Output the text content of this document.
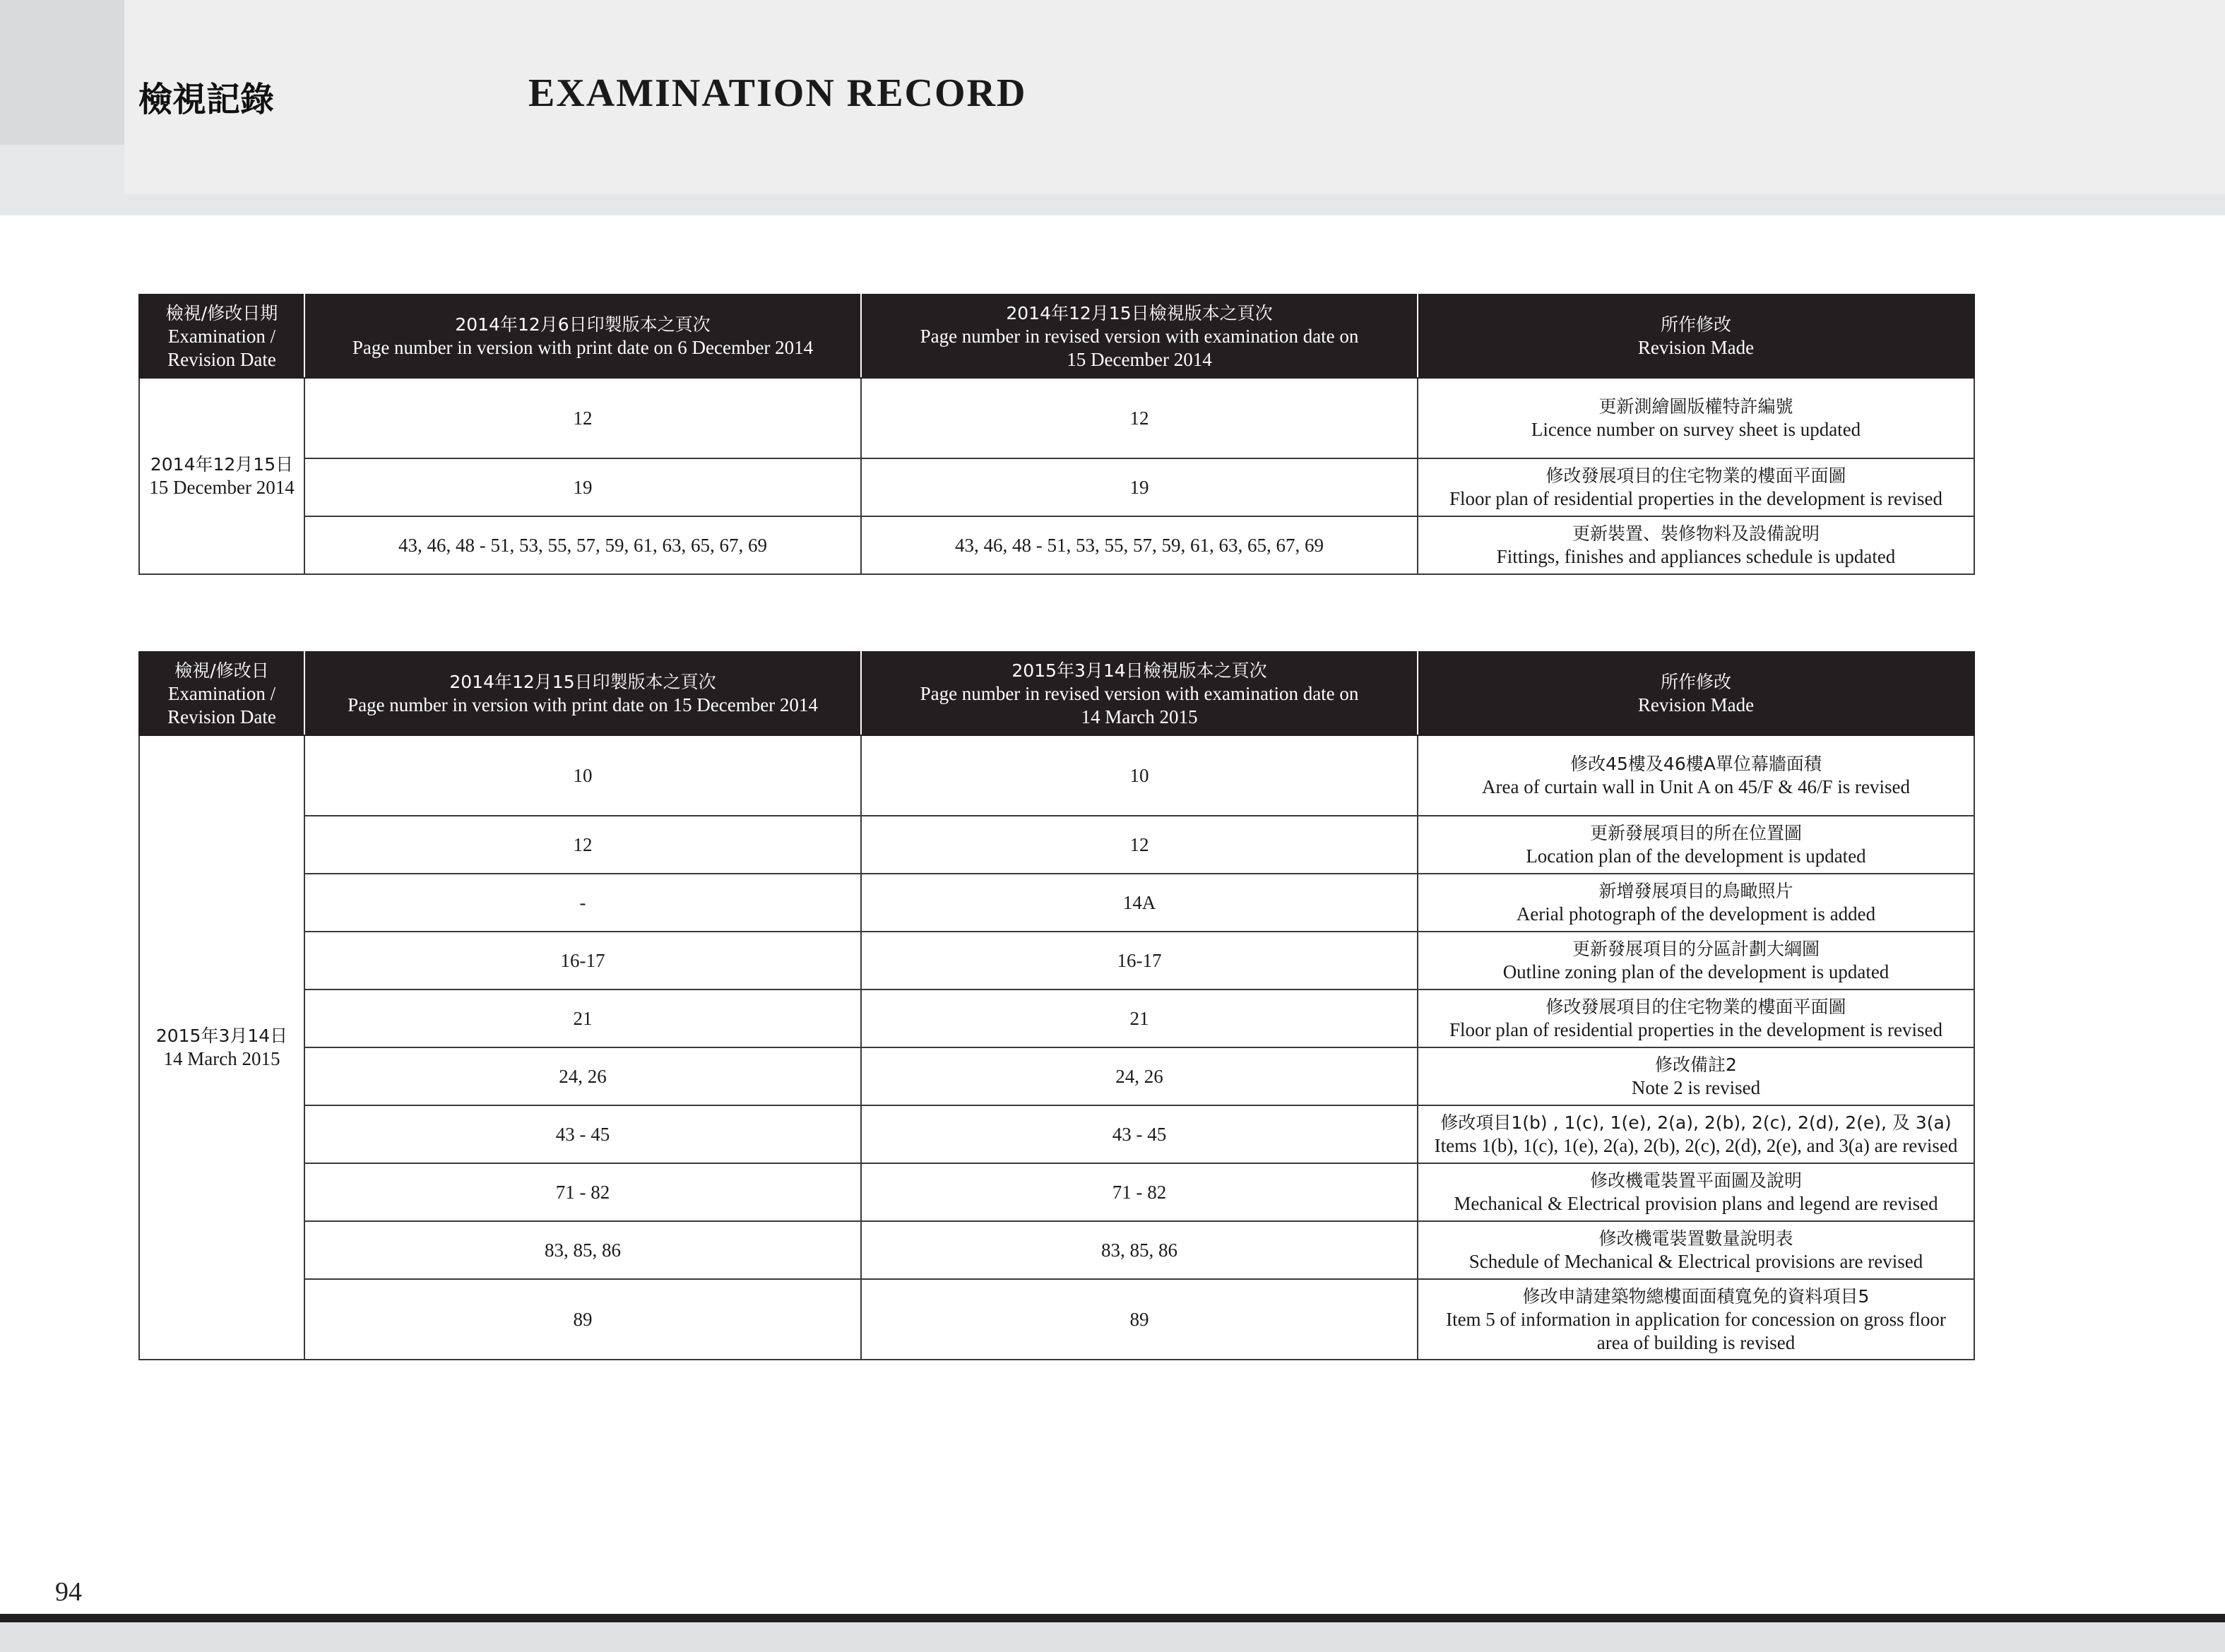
檢視記錄	EXAMINATION RECORD
檢視/修改日期
Examination /
Revision Date	2014年12月6日印製版本之頁次
Page number in version with print date on 6 December 2014	2014年12月15日檢視版本之頁次
Page number in revised version with examination date on
15 December 2014	所作修改
Revision Made

2014年12月15日
15 December 2014	12	12	更新測繪圖版權特許編號
Licence number on survey sheet is updated

	19	19	修改發展項目的住宅物業的樓面平面圖
Floor plan of residential properties in the development is revised

	43, 46, 48 - 51, 53, 55, 57, 59, 61, 63, 65, 67, 69	43, 46, 48 - 51, 53, 55, 57, 59, 61, 63, 65, 67, 69	更新裝置、裝修物料及設備說明
Fittings, finishes and appliances schedule is updated
檢視/修改日
Examination /
Revision Date	2014年12月15日印製版本之頁次
Page number in version with print date on 15 December 2014	2015年3月14日檢視版本之頁次
Page number in revised version with examination date on
14 March 2015	所作修改
Revision Made

2015年3月14日
14 March 2015	10	10	修改45樓及46樓A單位幕牆面積
Area of curtain wall in Unit A on 45/F & 46/F is revised

	12	12	更新發展項目的所在位置圖
Location plan of the development is updated

	-	14A	新增發展項目的鳥瞰照片
Aerial photograph of the development is added

	16-17	16-17	更新發展項目的分區計劃大綱圖
Outline zoning plan of the development is updated

	21	21	修改發展項目的住宅物業的樓面平面圖
Floor plan of residential properties in the development is revised

	24, 26	24, 26	修改備註2
Note 2 is revised

	43 - 45	43 - 45	修改項目1(b) , 1(c), 1(e), 2(a), 2(b), 2(c), 2(d), 2(e), 及 3(a)
Items 1(b), 1(c), 1(e), 2(a), 2(b), 2(c), 2(d), 2(e), and 3(a) are revised

	71 - 82	71 - 82	修改機電裝置平面圖及說明
Mechanical & Electrical provision plans and legend are revised

	83, 85, 86	83, 85, 86	修改機電裝置數量說明表
Schedule of Mechanical & Electrical provisions are revised

	89	89	修改申請建築物總樓面面積寬免的資料項目5
Item 5 of information in application for concession on gross floor
area of building is revised
94
